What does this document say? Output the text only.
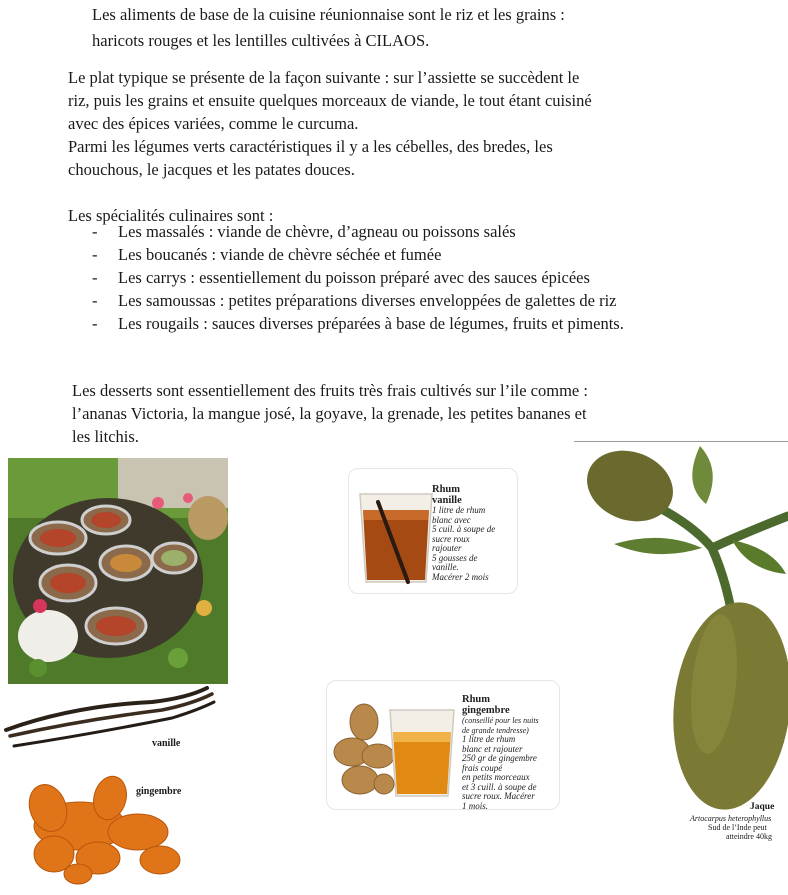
Les aliments de base de la cuisine réunionnaise sont le riz et les grains :
haricots rouges et les lentilles cultivées à CILAOS.
Le plat typique se présente de la façon suivante : sur l’assiette se succèdent le
riz, puis les grains et ensuite quelques morceaux de viande, le tout étant cuisiné
avec des épices variées, comme le curcuma.
Parmi les légumes verts caractéristiques il y a les cébelles, des bredes, les
chouchous, le jacques et les patates douces.
Les spécialités culinaires sont :
- Les massalés : viande de chèvre, d’agneau ou poissons salés
- Les boucanés : viande de chèvre séchée et fumée
- Les carrys : essentiellement du poisson préparé avec des sauces épicées
- Les samoussas : petites préparations diverses enveloppées de galettes de riz
- Les rougails : sauces diverses préparées à base de légumes, fruits et piments.
Les desserts sont essentiellement des fruits très frais cultivés sur l’ile comme :
l’ananas Victoria, la mangue josé, la goyave, la grenade, les petites bananes et
les litchis.
vanille
gingembre
Rhum
vanille
1 litre de rhum
blanc avec
5 cuil. à soupe de
sucre roux
rajouter
5 gousses de
vanille.
Macérer 2 mois
Rhum
gingembre
(conseillé pour les nuits
de grande tendresse)
1 litre de rhum
blanc et rajouter
250 gr de gingembre
frais coupé
en petits morceaux
et 3 cuill. à soupe de
sucre roux. Macérer
1 mois.	Jaque
Artocarpus heterophyllus
Sud de l’Inde peut
atteindre 40kg
